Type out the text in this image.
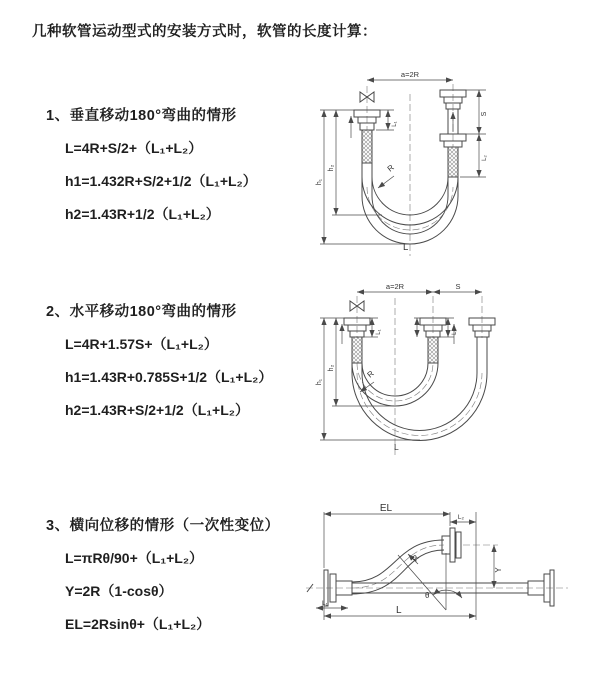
几种软管运动型式的安装方式时，软管的长度计算：
1、垂直移动180°弯曲的情形
L=4R+S/2+（L₁+L₂）
h1=1.432R+S/2+1/2（L₁+L₂）
h2=1.43R+1/2（L₁+L₂）
a=2R
h₁
h₂
L₁
S
L₂
R
L
2、水平移动180°弯曲的情形
L=4R+1.57S+（L₁+L₂）
h1=1.43R+0.785S+1/2（L₁+L₂）
h2=1.43R+S/2+1/2（L₁+L₂）
a=2R	S
h₁
h₂
L₁	L₂
R
L
3、横向位移的情形（一次性变位）
L=πRθ/90+（L₁+L₂）
Y=2R（1-cosθ）
EL=2Rsinθ+（L₁+L₂）
EL
L₂
Y
R
θ
L
L₁
